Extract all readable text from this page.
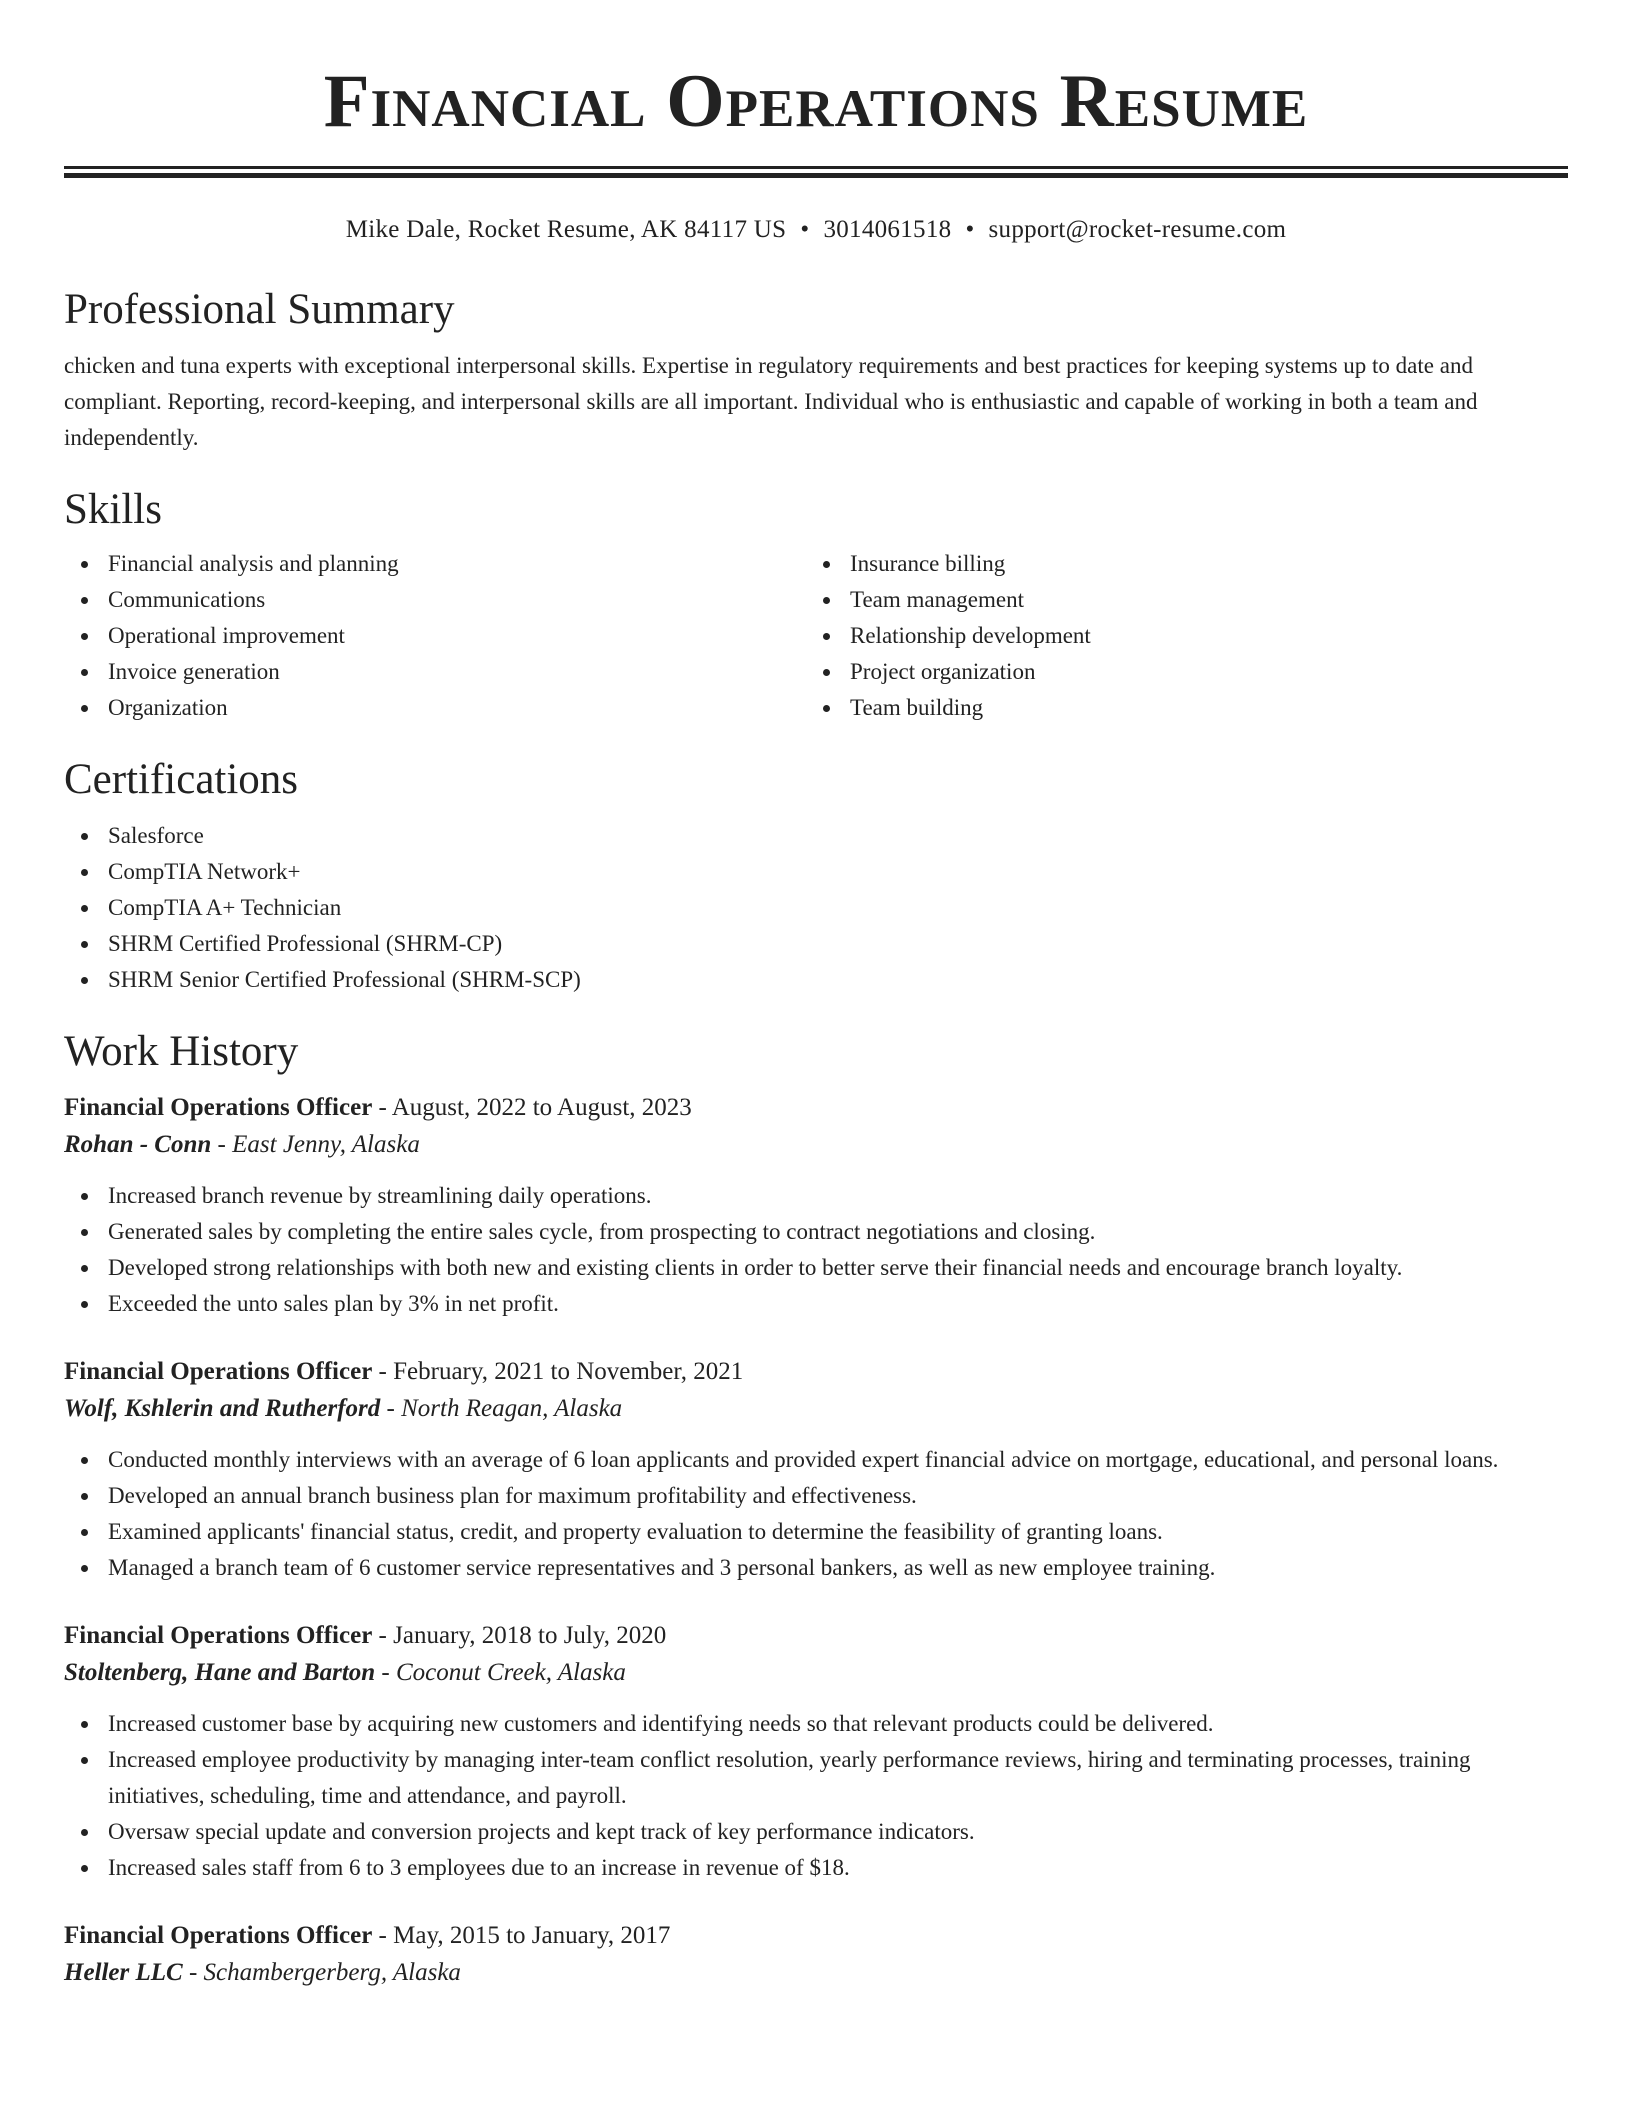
Financial Operations Resume
Mike Dale, Rocket Resume, AK 84117 US • 3014061518 • support@rocket-resume.com
Professional Summary

chicken and tuna experts with exceptional interpersonal skills. Expertise in regulatory requirements and best practices for keeping systems up to date and compliant. Reporting, record-keeping, and interpersonal skills are all important. Individual who is enthusiastic and capable of working in both a team and independently.

Skills
Financial analysis and planning
Communications
Operational improvement
Invoice generation
Organization
Insurance billing
Team management
Relationship development
Project organization
Team building
Certifications
Salesforce
CompTIA Network+
CompTIA A+ Technician
SHRM Certified Professional (SHRM-CP)
SHRM Senior Certified Professional (SHRM-SCP)
Work History
Financial Operations Officer - August, 2022 to August, 2023
Rohan - Conn - East Jenny, Alaska
Increased branch revenue by streamlining daily operations.
Generated sales by completing the entire sales cycle, from prospecting to contract negotiations and closing.
Developed strong relationships with both new and existing clients in order to better serve their financial needs and encourage branch loyalty.
Exceeded the unto sales plan by 3% in net profit.
Financial Operations Officer - February, 2021 to November, 2021
Wolf, Kshlerin and Rutherford - North Reagan, Alaska
Conducted monthly interviews with an average of 6 loan applicants and provided expert financial advice on mortgage, educational, and personal loans.
Developed an annual branch business plan for maximum profitability and effectiveness.
Examined applicants' financial status, credit, and property evaluation to determine the feasibility of granting loans.
Managed a branch team of 6 customer service representatives and 3 personal bankers, as well as new employee training.
Financial Operations Officer - January, 2018 to July, 2020
Stoltenberg, Hane and Barton - Coconut Creek, Alaska
Increased customer base by acquiring new customers and identifying needs so that relevant products could be delivered.
Increased employee productivity by managing inter-team conflict resolution, yearly performance reviews, hiring and terminating processes, training initiatives, scheduling, time and attendance, and payroll.
Oversaw special update and conversion projects and kept track of key performance indicators.
Increased sales staff from 6 to 3 employees due to an increase in revenue of $18.
Financial Operations Officer - May, 2015 to January, 2017
Heller LLC - Schambergerberg, Alaska
